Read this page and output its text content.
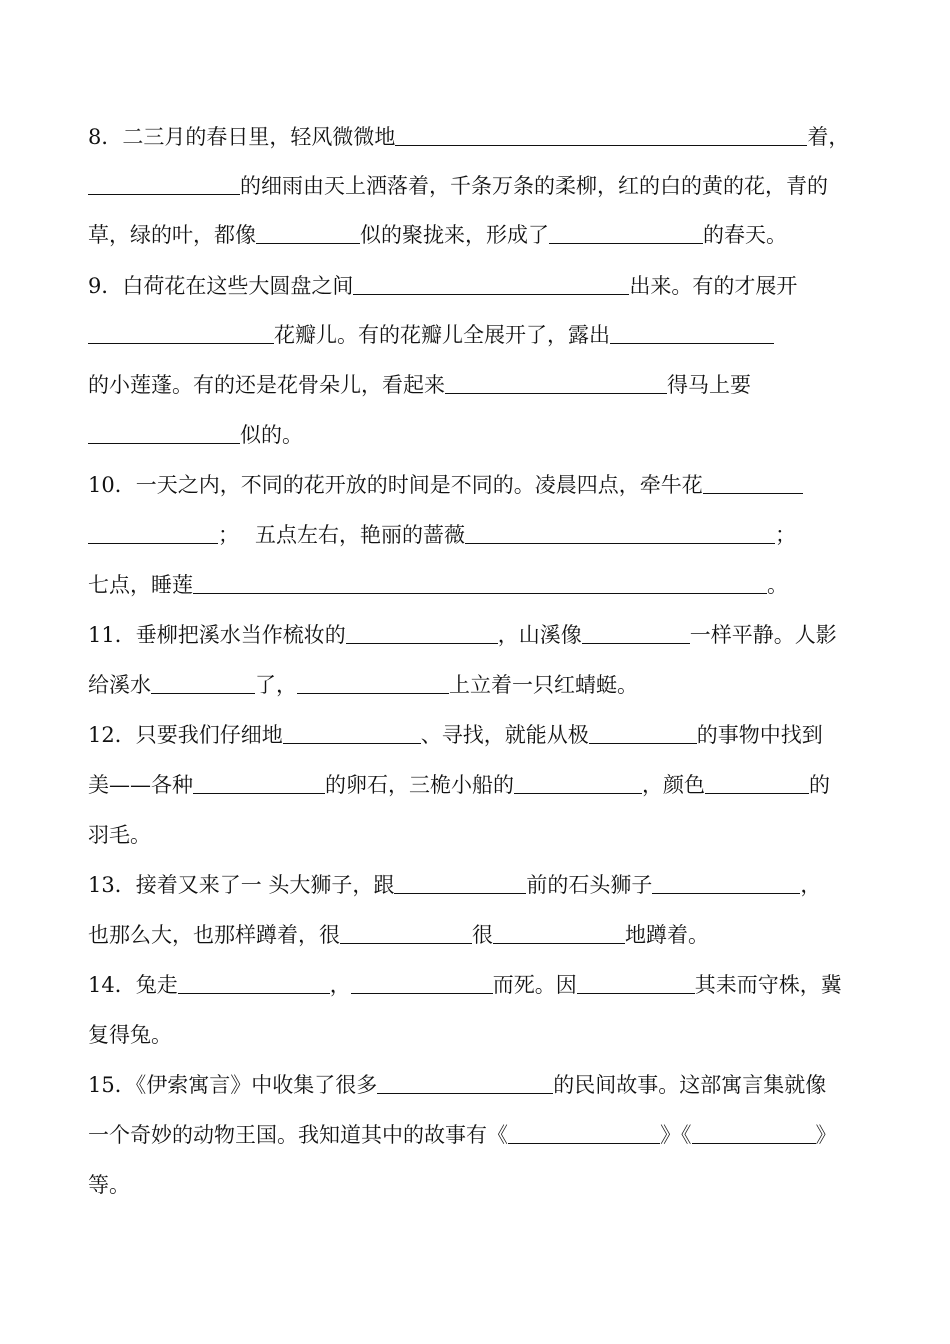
8．二三月的春日里，轻风微微地	着，
的细雨由天上洒落着，千条万条的柔柳，红的白的黄的花，青的
草，绿的叶，都像	似的聚拢来，形成了	的春天。
9．白荷花在这些大圆盘之间	出来。有的才展开
花瓣儿。有的花瓣儿全展开了，露出
的小莲蓬。有的还是花骨朵儿，看起来	得马上要
似的。
10．一天之内，不同的花开放的时间是不同的。凌晨四点，牵牛花
； 五点左右，艳丽的蔷薇	；
七点，睡莲	。
11．垂柳把溪水当作梳妆的	，山溪像	一样平静。人影
给溪水	了，	上立着一只红蜻蜓。
12．只要我们仔细地	、寻找，就能从极	的事物中找到
美——各种	的卵石，三桅小船的	，颜色	的
羽毛。
13．接着又来了一 头大狮子，跟	前的石头狮子	，
也那么大，也那样蹲着，很	很	地蹲着。
14．兔走	，	而死。因	其耒而守株，冀
复得兔。
15．《伊索寓言》中收集了很多	的民间故事。这部寓言集就像
一个奇妙的动物王国。我知道其中的故事有《	》《	》
等。
